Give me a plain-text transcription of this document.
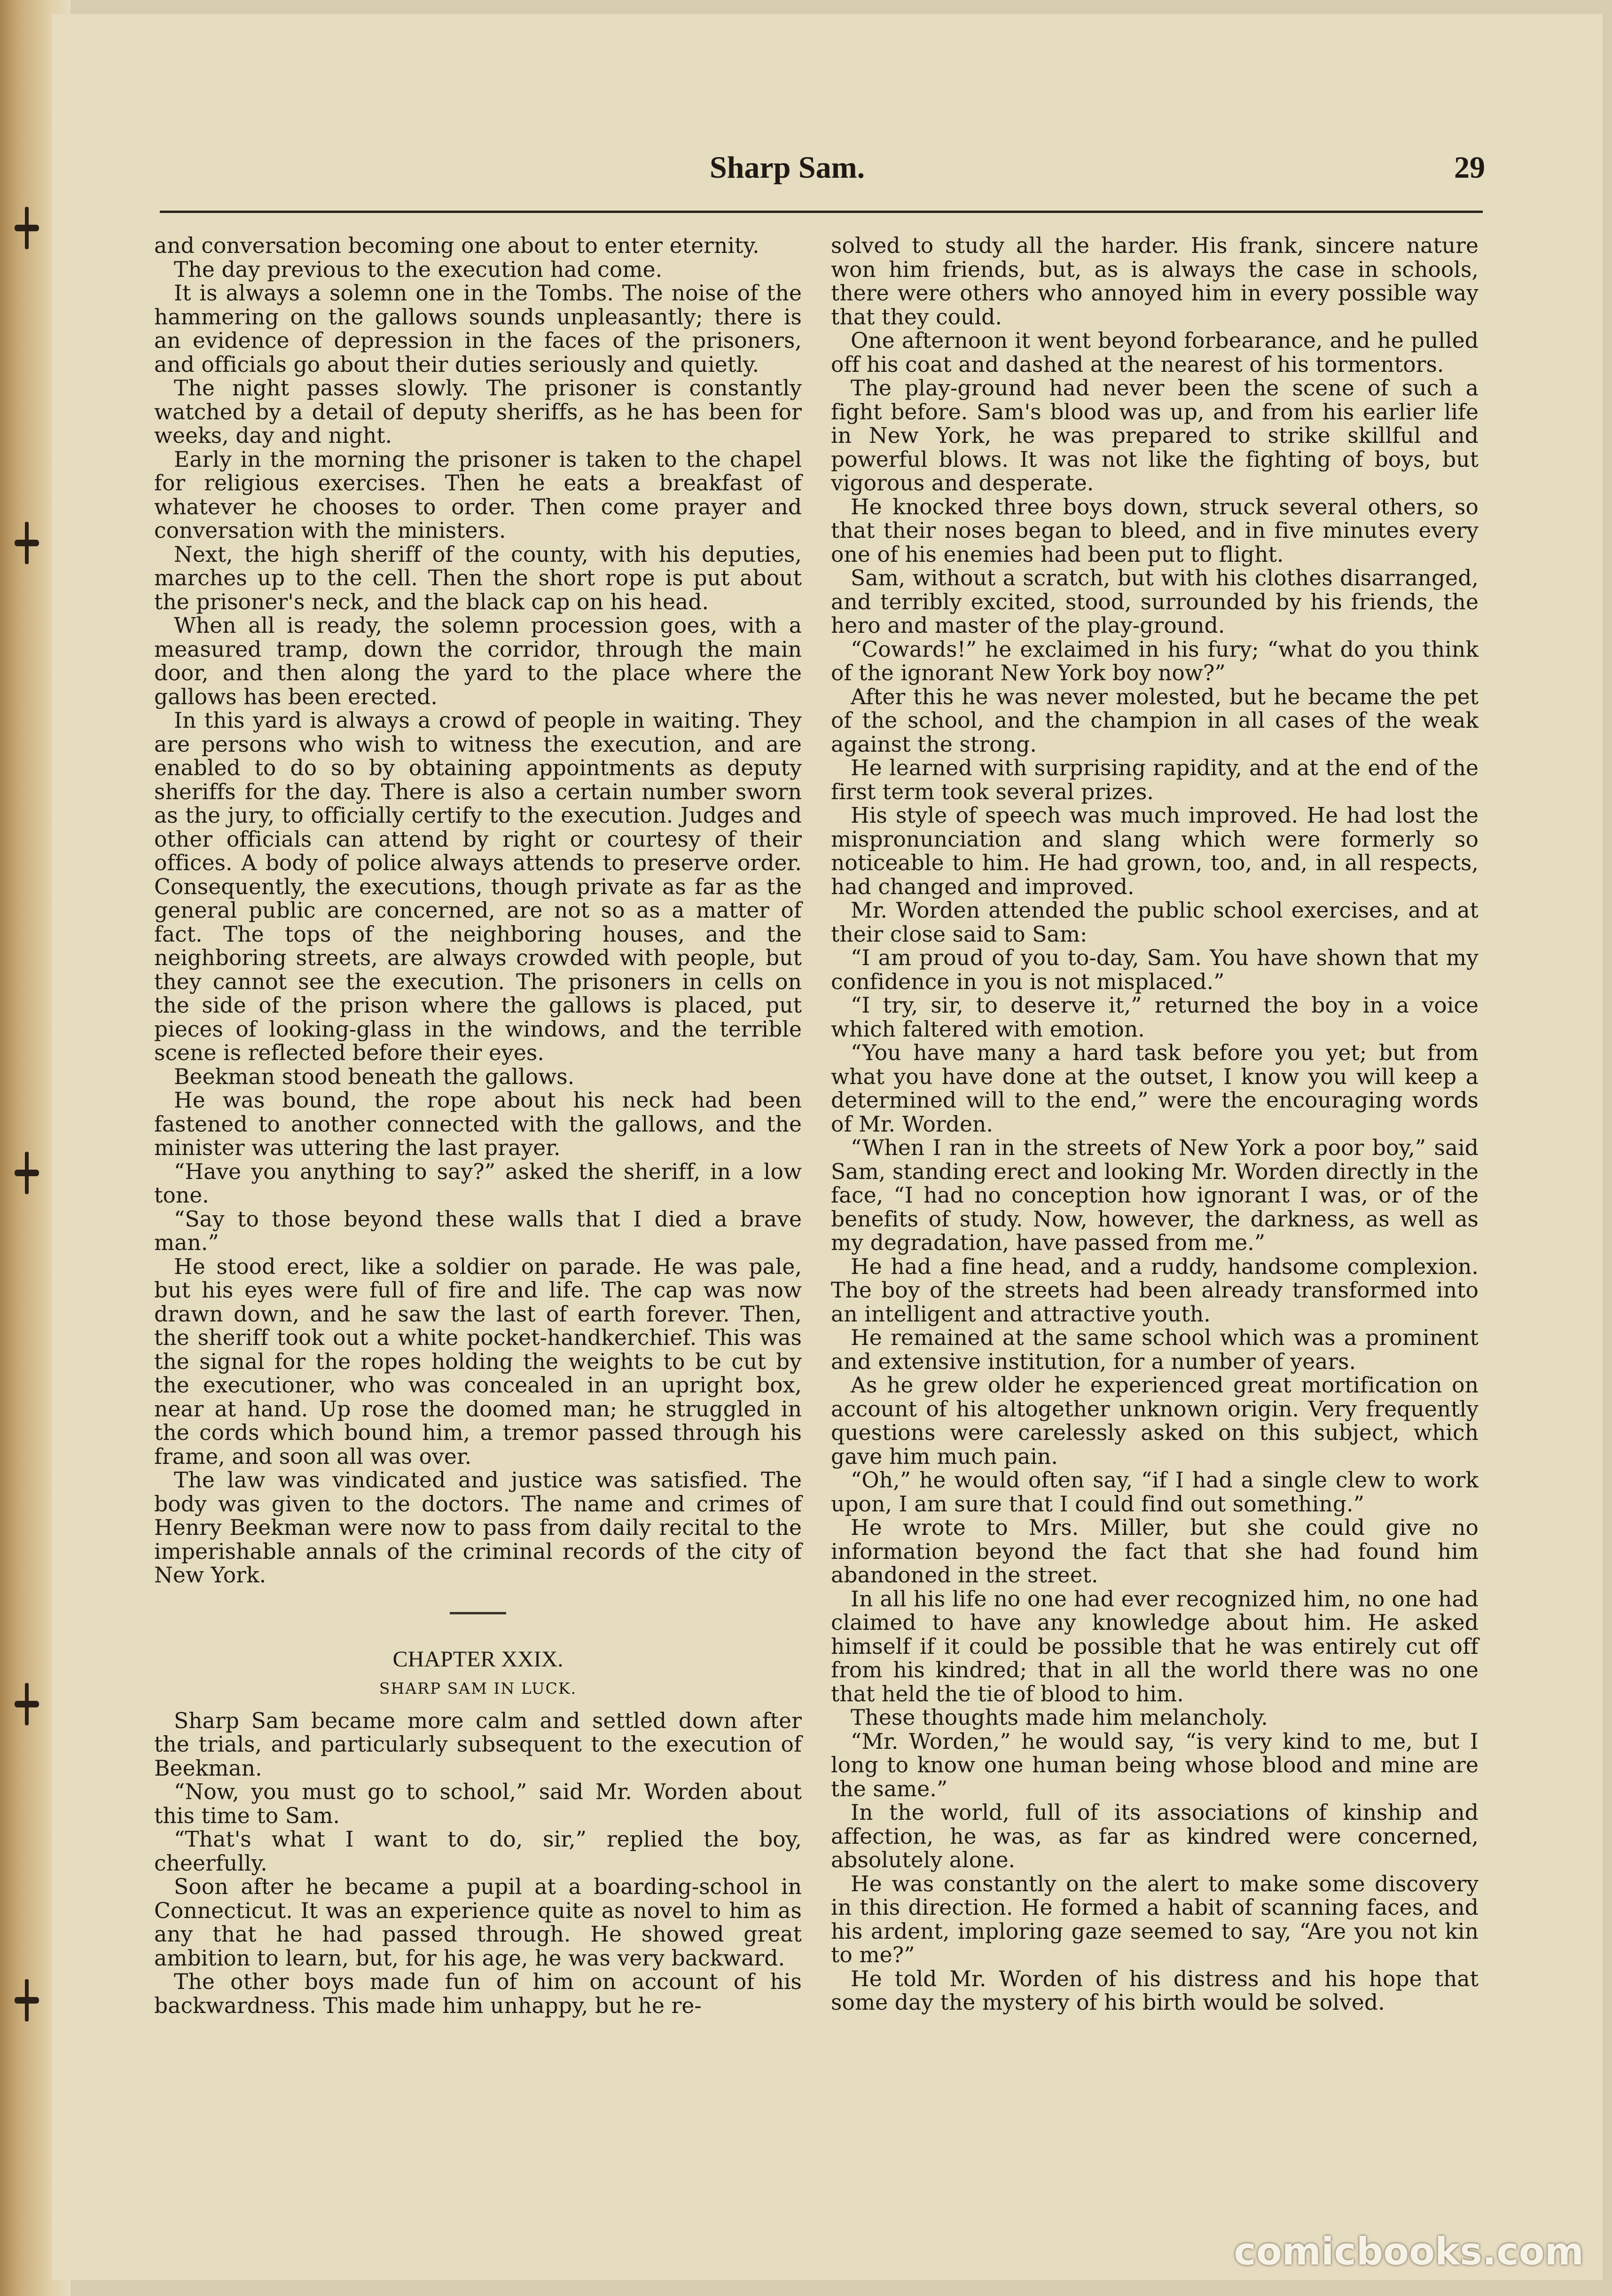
Sharp Sam.	29

and conversation becoming one about to enter eternity.

The day previous to the execution had come.

It is always a solemn one in the Tombs. The noise of the hammering on the gallows sounds unpleasantly; there is an evidence of depression in the faces of the prisoners, and officials go about their duties seriously and quietly.

The night passes slowly. The prisoner is constantly watched by a detail of deputy sheriffs, as he has been for weeks, day and night.

Early in the morning the prisoner is taken to the chapel for religious exercises. Then he eats a breakfast of whatever he chooses to order. Then come prayer and conversation with the ministers.

Next, the high sheriff of the county, with his deputies, marches up to the cell. Then the short rope is put about the prisoner's neck, and the black cap on his head.

When all is ready, the solemn procession goes, with a measured tramp, down the corridor, through the main door, and then along the yard to the place where the gallows has been erected.

In this yard is always a crowd of people in waiting. They are persons who wish to witness the execution, and are enabled to do so by obtaining appointments as deputy sheriffs for the day. There is also a certain number sworn as the jury, to officially certify to the execution. Judges and other officials can attend by right or courtesy of their offices. A body of police always attends to preserve order. Consequently, the executions, though private as far as the general public are concerned, are not so as a matter of fact. The tops of the neighboring houses, and the neighboring streets, are always crowded with people, but they cannot see the execution. The prisoners in cells on the side of the prison where the gallows is placed, put pieces of looking-glass in the windows, and the terrible scene is reflected before their eyes.

Beekman stood beneath the gallows.

He was bound, the rope about his neck had been fastened to another connected with the gallows, and the minister was uttering the last prayer.

“Have you anything to say?” asked the sheriff, in a low tone.

“Say to those beyond these walls that I died a brave man.”

He stood erect, like a soldier on parade. He was pale, but his eyes were full of fire and life. The cap was now drawn down, and he saw the last of earth forever. Then, the sheriff took out a white pocket-handkerchief. This was the signal for the ropes holding the weights to be cut by the executioner, who was concealed in an upright box, near at hand. Up rose the doomed man; he struggled in the cords which bound him, a tremor passed through his frame, and soon all was over.

The law was vindicated and justice was satisfied. The body was given to the doctors. The name and crimes of Henry Beekman were now to pass from daily recital to the imperishable annals of the criminal records of the city of New York.

CHAPTER XXIX.

SHARP SAM IN LUCK.

Sharp Sam became more calm and settled down after the trials, and particularly subsequent to the execution of Beekman.

“Now, you must go to school,” said Mr. Worden about this time to Sam.

“That's what I want to do, sir,” replied the boy, cheerfully.

Soon after he became a pupil at a boarding-school in Connecticut. It was an experience quite as novel to him as any that he had passed through. He showed great ambition to learn, but, for his age, he was very backward.

The other boys made fun of him on account of his backwardness. This made him unhappy, but he re-

solved to study all the harder. His frank, sincere nature won him friends, but, as is always the case in schools, there were others who annoyed him in every possible way that they could.

One afternoon it went beyond forbearance, and he pulled off his coat and dashed at the nearest of his tormentors.

The play-ground had never been the scene of such a fight before. Sam's blood was up, and from his earlier life in New York, he was prepared to strike skillful and powerful blows. It was not like the fighting of boys, but vigorous and desperate.

He knocked three boys down, struck several others, so that their noses began to bleed, and in five minutes every one of his enemies had been put to flight.

Sam, without a scratch, but with his clothes disarranged, and terribly excited, stood, surrounded by his friends, the hero and master of the play-ground.

“Cowards!” he exclaimed in his fury; “what do you think of the ignorant New York boy now?”

After this he was never molested, but he became the pet of the school, and the champion in all cases of the weak against the strong.

He learned with surprising rapidity, and at the end of the first term took several prizes.

His style of speech was much improved. He had lost the mispronunciation and slang which were formerly so noticeable to him. He had grown, too, and, in all respects, had changed and improved.

Mr. Worden attended the public school exercises, and at their close said to Sam:

“I am proud of you to-day, Sam. You have shown that my confidence in you is not misplaced.”

“I try, sir, to deserve it,” returned the boy in a voice which faltered with emotion.

“You have many a hard task before you yet; but from what you have done at the outset, I know you will keep a determined will to the end,” were the encouraging words of Mr. Worden.

“When I ran in the streets of New York a poor boy,” said Sam, standing erect and looking Mr. Worden directly in the face, “I had no conception how ignorant I was, or of the benefits of study. Now, however, the darkness, as well as my degradation, have passed from me.”

He had a fine head, and a ruddy, handsome complexion. The boy of the streets had been already transformed into an intelligent and attractive youth.

He remained at the same school which was a prominent and extensive institution, for a number of years.

As he grew older he experienced great mortification on account of his altogether unknown origin. Very frequently questions were carelessly asked on this subject, which gave him much pain.

“Oh,” he would often say, “if I had a single clew to work upon, I am sure that I could find out something.”

He wrote to Mrs. Miller, but she could give no information beyond the fact that she had found him abandoned in the street.

In all his life no one had ever recognized him, no one had claimed to have any knowledge about him. He asked himself if it could be possible that he was entirely cut off from his kindred; that in all the world there was no one that held the tie of blood to him.

These thoughts made him melancholy.

“Mr. Worden,” he would say, “is very kind to me, but I long to know one human being whose blood and mine are the same.”

In the world, full of its associations of kinship and affection, he was, as far as kindred were concerned, absolutely alone.

He was constantly on the alert to make some discovery in this direction. He formed a habit of scanning faces, and his ardent, imploring gaze seemed to say, “Are you not kin to me?”

He told Mr. Worden of his distress and his hope that some day the mystery of his birth would be solved.

comicbooks.com
